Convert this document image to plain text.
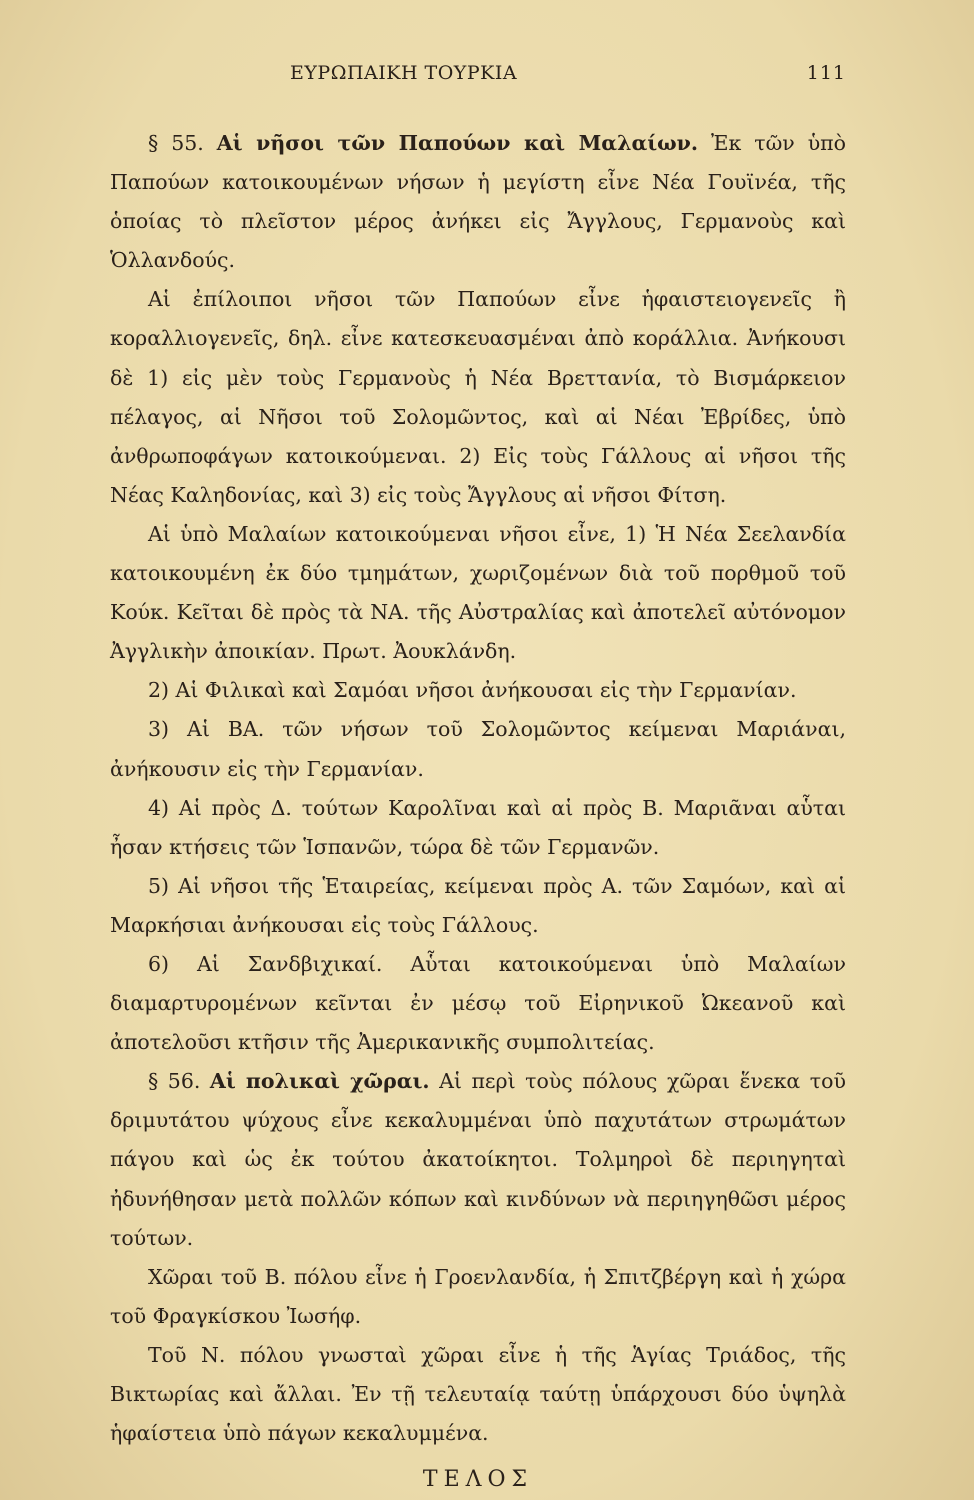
ΕΥΡΩΠΑΙΚΗ ΤΟΥΡΚΙΑ	111

§ 55. Αἱ νῆσοι τῶν Παπούων καὶ Μαλαίων. Ἐκ τῶν ὑπὸ Παπούων κατοικουμένων νήσων ἡ μεγίστη εἶνε Νέα Γουϊνέα, τῆς ὁποίας τὸ πλεῖστον μέρος ἀνήκει εἰς Ἄγγλους, Γερμανοὺς καὶ Ὁλλανδούς.

Αἱ ἐπίλοιποι νῆσοι τῶν Παπούων εἶνε ἡφαιστειογενεῖς ἢ κοραλλιογενεῖς, δηλ. εἶνε κατεσκευασμέναι ἀπὸ κοράλλια. Ἀνήκουσι δὲ 1) εἰς μὲν τοὺς Γερμανοὺς ἡ Νέα Βρεττανία, τὸ Βισμάρκειον πέλαγος, αἱ Νῆσοι τοῦ Σολομῶντος, καὶ αἱ Νέαι Ἐβρίδες, ὑπὸ ἀνθρωποφάγων κατοικούμεναι. 2) Εἰς τοὺς Γάλλους αἱ νῆσοι τῆς Νέας Καληδονίας, καὶ 3) εἰς τοὺς Ἄγγλους αἱ νῆσοι Φίτση.

Αἱ ὑπὸ Μαλαίων κατοικούμεναι νῆσοι εἶνε, 1) Ἡ Νέα Σεελανδία κατοικουμένη ἐκ δύο τμημάτων, χωριζομένων διὰ τοῦ πορθμοῦ τοῦ Κούκ. Κεῖται δὲ πρὸς τὰ ΝΑ. τῆς Αὐστραλίας καὶ ἀποτελεῖ αὐτόνομον Ἀγγλικὴν ἀποικίαν. Πρωτ. Ἀουκλάνδη.

2) Αἱ Φιλικαὶ καὶ Σαμόαι νῆσοι ἀνήκουσαι εἰς τὴν Γερμανίαν.

3) Αἱ ΒΑ. τῶν νήσων τοῦ Σολομῶντος κείμεναι Μαριάναι, ἀνήκουσιν εἰς τὴν Γερμανίαν.

4) Αἱ πρὸς Δ. τούτων Καρολῖναι καὶ αἱ πρὸς Β. Μαριᾶναι αὗται ἦσαν κτήσεις τῶν Ἱσπανῶν, τώρα δὲ τῶν Γερμανῶν.

5) Αἱ νῆσοι τῆς Ἑταιρείας, κείμεναι πρὸς Α. τῶν Σαμόων, καὶ αἱ Μαρκήσιαι ἀνήκουσαι εἰς τοὺς Γάλλους.

6) Αἱ Σανδβιχικαί. Αὗται κατοικούμεναι ὑπὸ Μαλαίων διαμαρτυρομένων κεῖνται ἐν μέσῳ τοῦ Εἰρηνικοῦ Ὠκεανοῦ καὶ ἀποτελοῦσι κτῆσιν τῆς Ἀμερικανικῆς συμπολιτείας.

§ 56. Αἱ πολικαὶ χῶραι. Αἱ περὶ τοὺς πόλους χῶραι ἕνεκα τοῦ δριμυτάτου ψύχους εἶνε κεκαλυμμέναι ὑπὸ παχυτάτων στρωμάτων πάγου καὶ ὡς ἐκ τούτου ἀκατοίκητοι. Τολμηροὶ δὲ περιηγηταὶ ἠδυνήθησαν μετὰ πολλῶν κόπων καὶ κινδύνων νὰ περιηγηθῶσι μέρος τούτων.

Χῶραι τοῦ Β. πόλου εἶνε ἡ Γροενλανδία, ἡ Σπιτζβέργη καὶ ἡ χώρα τοῦ Φραγκίσκου Ἰωσήφ.

Τοῦ Ν. πόλου γνωσταὶ χῶραι εἶνε ἡ τῆς Ἁγίας Τριάδος, τῆς Βικτωρίας καὶ ἄλλαι. Ἐν τῇ τελευταίᾳ ταύτῃ ὑπάρχουσι δύο ὑψηλὰ ἡφαίστεια ὑπὸ πάγων κεκαλυμμένα.

ΤΕΛΟΣ
